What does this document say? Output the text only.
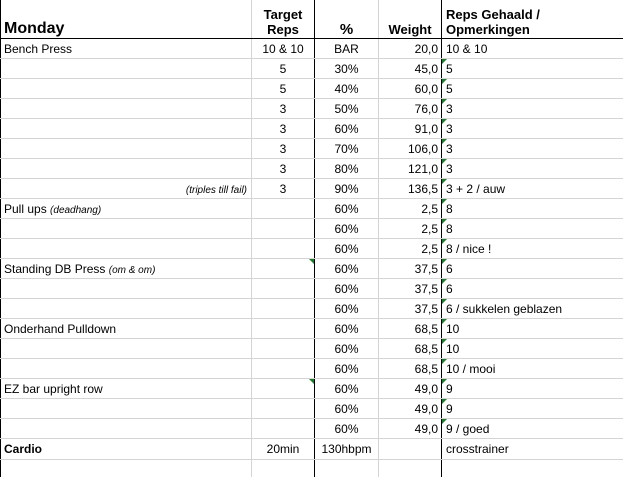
Monday	Target Reps	%	Weight	Reps Gehaald / Opmerkingen
Bench Press	10 & 10	BAR	20,0	10 & 10
	5	30%	45,0	5
	5	40%	60,0	5
	3	50%	76,0	3
	3	60%	91,0	3
	3	70%	106,0	3
	3	80%	121,0	3
(triples till fail)	3	90%	136,5	3 + 2 / auw
Pull ups (deadhang)		60%	2,5	8
		60%	2,5	8
		60%	2,5	8 / nice !
Standing DB Press (om & om)		60%	37,5	6
		60%	37,5	6
		60%	37,5	6 / sukkelen geblazen
Onderhand Pulldown		60%	68,5	10
		60%	68,5	10
		60%	68,5	10 / mooi
EZ bar upright row		60%	49,0	9
		60%	49,0	9
		60%	49,0	9 / goed
Cardio	20min	130hbpm		crosstrainer
